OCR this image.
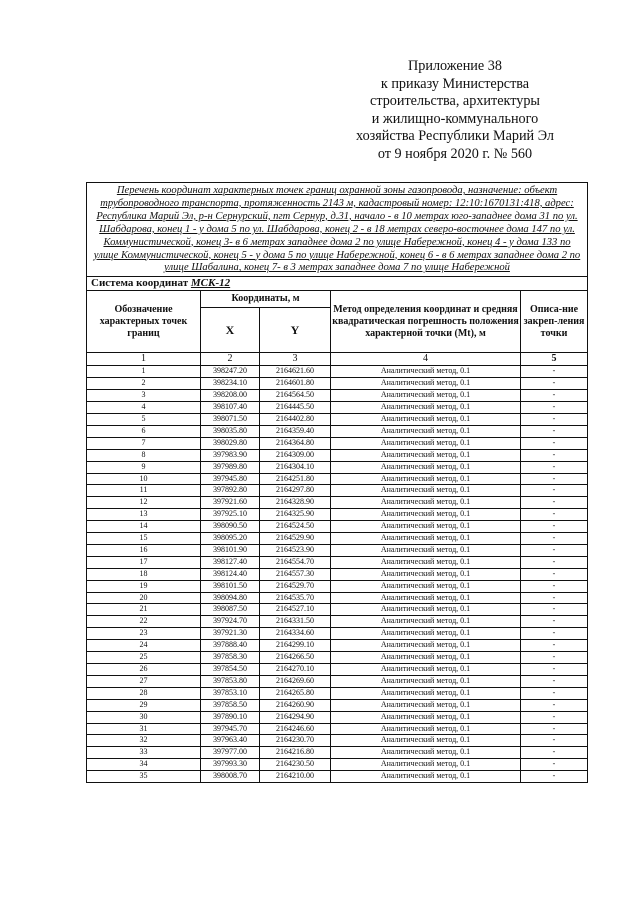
Приложение 38
к приказу Министерства
строительства, архитектуры
и жилищно-коммунального
хозяйства Республики Марий Эл
от 9 ноября 2020 г. № 560
Перечень координат характерных точек границ охранной зоны газопровода, назначение: объект трубопроводного транспорта, протяженность 2143 м, кадастровый номер: 12:10:1670131:418, адрес: Республика Марий Эл, р-н Сернурский, пгт Сернур, д.31, начало - в 10 метрах юго-западнее дома 31 по ул. Шабдарова, конец 1 - у дома 5 по ул. Шабдарова, конец 2 - в 18 метрах северо-восточнее дома 147 по ул. Коммунистической, конец 3- в 6 метрах западнее дома 2 по улице Набережной, конец 4 - у дома 133 по улице Коммунистической, конец 5 - у дома 5 по улице Набережной, конец 6 - в 6 метрах западнее дома 2 по улице Шабалина, конец 7- в 3 метрах западнее дома 7 по улице Набережной				
Система координат МСК-12				
Обозначение характерных точек границ	Координаты, м		Метод определения координат и средняя квадратическая погрешность положения характерной точки (Mt), м	Описа-ние закреп-ления точки
	X	Y		
1	2	3	4	5
1	398247.20	2164621.60	Аналитический метод, 0.1	-
2	398234.10	2164601.80	Аналитический метод, 0.1	-
3	398208.00	2164564.50	Аналитический метод, 0.1	-
4	398107.40	2164445.50	Аналитический метод, 0.1	-
5	398071.50	2164402.80	Аналитический метод, 0.1	-
6	398035.80	2164359.40	Аналитический метод, 0.1	-
7	398029.80	2164364.80	Аналитический метод, 0.1	-
8	397983.90	2164309.00	Аналитический метод, 0.1	-
9	397989.80	2164304.10	Аналитический метод, 0.1	-
10	397945.80	2164251.80	Аналитический метод, 0.1	-
11	397892.80	2164297.80	Аналитический метод, 0.1	-
12	397921.60	2164328.90	Аналитический метод, 0.1	-
13	397925.10	2164325.90	Аналитический метод, 0.1	-
14	398090.50	2164524.50	Аналитический метод, 0.1	-
15	398095.20	2164529.90	Аналитический метод, 0.1	-
16	398101.90	2164523.90	Аналитический метод, 0.1	-
17	398127.40	2164554.70	Аналитический метод, 0.1	-
18	398124.40	2164557.30	Аналитический метод, 0.1	-
19	398101.50	2164529.70	Аналитический метод, 0.1	-
20	398094.80	2164535.70	Аналитический метод, 0.1	-
21	398087.50	2164527.10	Аналитический метод, 0.1	-
22	397924.70	2164331.50	Аналитический метод, 0.1	-
23	397921.30	2164334.60	Аналитический метод, 0.1	-
24	397888.40	2164299.10	Аналитический метод, 0.1	-
25	397858.30	2164266.50	Аналитический метод, 0.1	-
26	397854.50	2164270.10	Аналитический метод, 0.1	-
27	397853.80	2164269.60	Аналитический метод, 0.1	-
28	397853.10	2164265.80	Аналитический метод, 0.1	-
29	397858.50	2164260.90	Аналитический метод, 0.1	-
30	397890.10	2164294.90	Аналитический метод, 0.1	-
31	397945.70	2164246.60	Аналитический метод, 0.1	-
32	397963.40	2164230.70	Аналитический метод, 0.1	-
33	397977.00	2164216.80	Аналитический метод, 0.1	-
34	397993.30	2164230.50	Аналитический метод, 0.1	-
35	398008.70	2164210.00	Аналитический метод, 0.1	-
